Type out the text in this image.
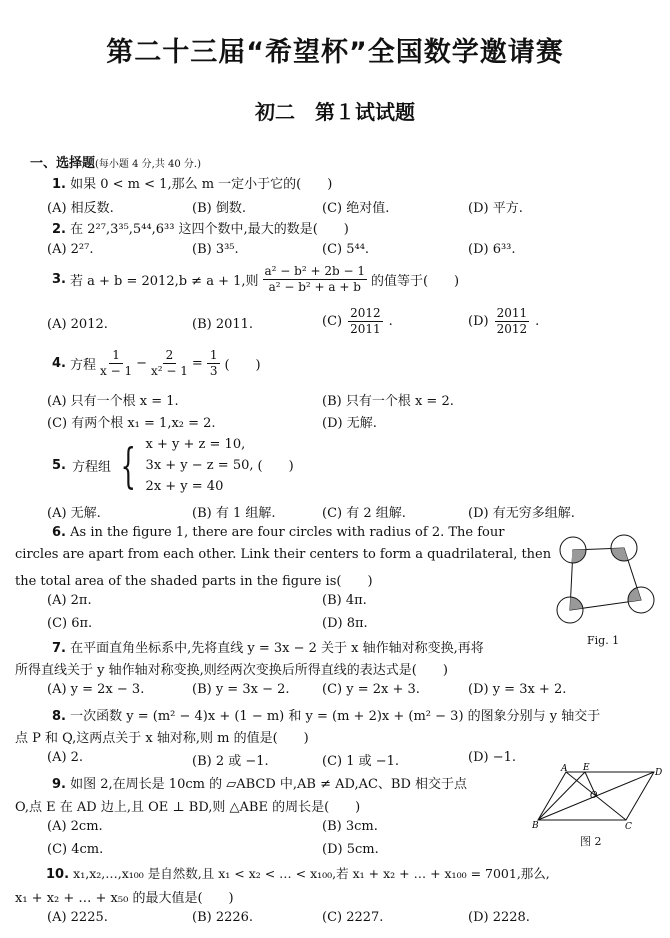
第二十三届“希望杯”全国数学邀请赛
初二　第１试试题
一、选择题(每小题 4 分,共 40 分.)
1. 如果 0 < m < 1,那么 m 一定小于它的(　　)
(A) 相反数.	(B) 倒数.	(C) 绝对值.	(D) 平方.
2. 在 2²⁷,3³⁵,5⁴⁴,6³³ 这四个数中,最大的数是(　　)
(A) 2²⁷.	(B) 3³⁵.	(C) 5⁴⁴.	(D) 6³³.
3. 若 a + b = 2012,b ≠ a + 1,则 $\frac{\text{a² − b² + 2b − 1}}{\text{a² − b² + a + b}}$ 的值等于(　　)
(A) 2012.	(B) 2011.	$(C) \frac{2012}{2011}$ .	$(D) \frac{2011}{2012}$ .
4. 方程 $\frac{1}{x - 1} - \frac{2}{\text{x² − 1}} = \frac{1}{3}$ (　　)
(A) 只有一个根 x = 1.	(B) 只有一个根 x = 2.
(C) 有两个根 x₁ = 1,x₂ = 2.	(D) 无解.
5. 方程组 { x + y + z = 10,
3x + y − z = 50,
2x + y = 40
(　　)
(A) 无解.	(B) 有 1 组解.	(C) 有 2 组解.	(D) 有无穷多组解.
6. As in the figure 1, there are four circles with radius of 2. The four
circles are apart from each other. Link their centers to form a quadrilateral, then
the total area of the shaded parts in the figure is(　　)
(A) 2π.	(B) 4π.
(C) 6π.	(D) 8π.
Fig. 1
7. 在平面直角坐标系中,先将直线 y = 3x − 2 关于 x 轴作轴对称变换,再将
所得直线关于 y 轴作轴对称变换,则经两次变换后所得直线的表达式是(　　)
(A) y = 2x − 3.	(B) y = 3x − 2.	(C) y = 2x + 3.	(D) y = 3x + 2.
8. 一次函数 y = (m² − 4)x + (1 − m) 和 y = (m + 2)x + (m² − 3) 的图象分别与 y 轴交于
点 P 和 Q,这两点关于 x 轴对称,则 m 的值是(　　)
(A) 2.	(B) 2 或 −1.	(C) 1 或 −1.	(D) −1.
9. 如图 2,在周长是 10cm 的 ▱ABCD 中,AB ≠ AD,AC、BD 相交于点
O,点 E 在 AD 边上,且 OE ⊥ BD,则 △ABE 的周长是(　　)
(A) 2cm.	(B) 3cm.
(C) 4cm.	(D) 5cm.
A E	D
O
B	C
图 2
10. x₁,x₂,…,x₁₀₀ 是自然数,且 x₁ < x₂ < … < x₁₀₀,若 x₁ + x₂ + … + x₁₀₀ = 7001,那么,
x₁ + x₂ + … + x₅₀ 的最大值是(　　)
(A) 2225.	(B) 2226.	(C) 2227.	(D) 2228.
